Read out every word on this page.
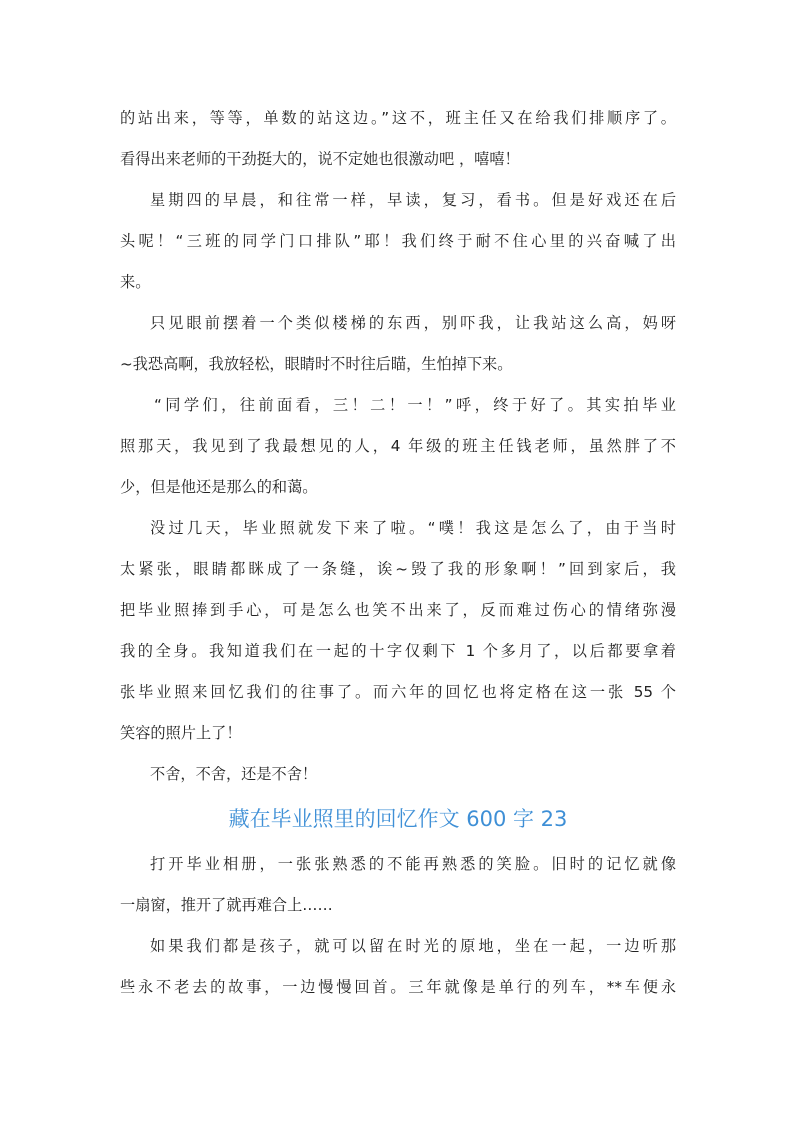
的站出来，等等，单数的站这边。”这不，班主任又在给我们排顺序了。
看得出来老师的干劲挺大的，说不定她也很激动吧 ，嘻嘻！
星期四的早晨，和往常一样，早读，复习，看书。但是好戏还在后
头呢！“三班的同学门口排队”耶！我们终于耐不住心里的兴奋喊了出
来。
只见眼前摆着一个类似楼梯的东西，别吓我，让我站这么高，妈呀
~我恐高啊，我放轻松，眼睛时不时往后瞄，生怕掉下来。
“同学们，往前面看，三！二！一！”呼，终于好了。其实拍毕业
照那天，我见到了我最想见的人，4 年级的班主任钱老师，虽然胖了不
少，但是他还是那么的和蔼。
没过几天，毕业照就发下来了啦。“噗！我这是怎么了，由于当时
太紧张，眼睛都眯成了一条缝，诶~毁了我的形象啊！”回到家后，我
把毕业照捧到手心，可是怎么也笑不出来了，反而难过伤心的情绪弥漫
我的全身。我知道我们在一起的十字仅剩下 1 个多月了，以后都要拿着
张毕业照来回忆我们的往事了。而六年的回忆也将定格在这一张 55 个
笑容的照片上了！
不舍，不舍，还是不舍！
藏在毕业照里的回忆作文 600 字 23
打开毕业相册，一张张熟悉的不能再熟悉的笑脸。旧时的记忆就像
一扇窗，推开了就再难合上……
如果我们都是孩子，就可以留在时光的原地，坐在一起，一边听那
些永不老去的故事，一边慢慢回首。三年就像是单行的列车，**车便永
